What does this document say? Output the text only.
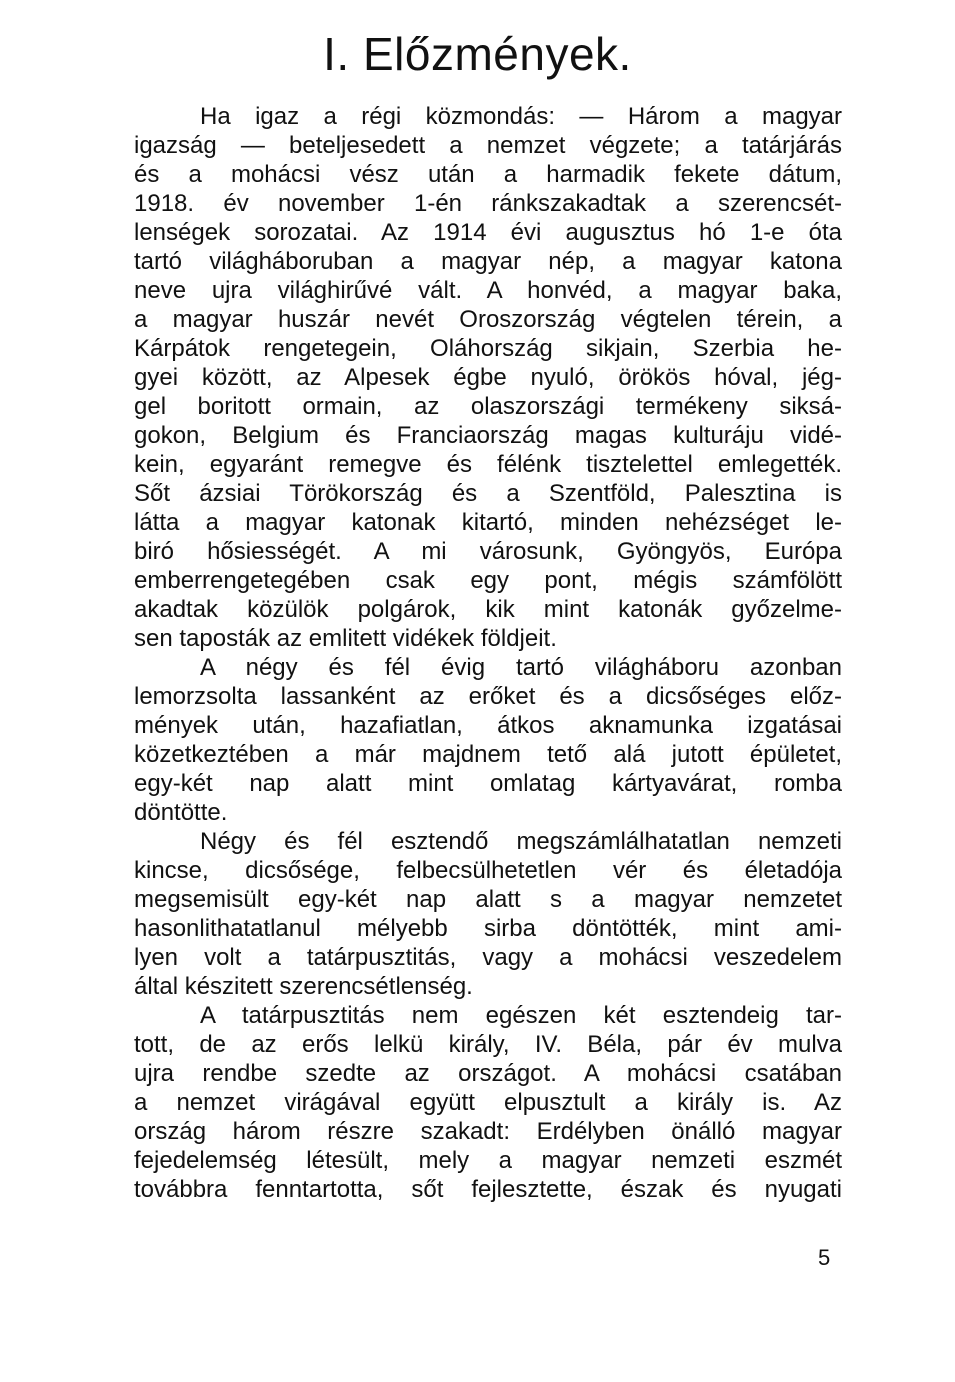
I. Előzmények.
Ha igaz a régi közmondás: — Három a magyar
igazság — beteljesedett a nemzet végzete; a tatárjárás
és a mohácsi vész után a harmadik fekete dátum,
1918. év november 1-én ránkszakadtak a szerencsét-
lenségek sorozatai. Az 1914 évi augusztus hó 1-e óta
tartó világháboruban a magyar nép, a magyar katona
neve ujra világhirűvé vált. A honvéd, a magyar baka,
a magyar huszár nevét Oroszország végtelen térein, a
Kárpátok rengetegein, Oláhország sikjain, Szerbia he-
gyei között, az Alpesek égbe nyuló, örökös hóval, jég-
gel boritott ormain, az olaszországi termékeny siksá-
gokon, Belgium és Franciaország magas kulturáju vidé-
kein, egyaránt remegve és félénk tisztelettel emlegették.
Sőt ázsiai Törökország és a Szentföld, Palesztina is
látta a magyar katonak kitartó, minden nehézséget le-
biró hősiességét. A mi városunk, Gyöngyös, Európa
emberrengetegében csak egy pont, mégis számfölött
akadtak közülök polgárok, kik mint katonák győzelme-
sen taposták az emlitett vidékek földjeit.
A négy és fél évig tartó világháboru azonban
lemorzsolta lassanként az erőket és a dicsőséges előz-
mények után, hazafiatlan, átkos aknamunka izgatásai
közetkeztében a már majdnem tető alá jutott épületet,
egy-két nap alatt mint omlatag kártyavárat, romba
döntötte.
Négy és fél esztendő megszámlálhatatlan nemzeti
kincse, dicsősége, felbecsülhetetlen vér és életadója
megsemisült egy-két nap alatt s a magyar nemzetet
hasonlithatatlanul mélyebb sirba döntötték, mint ami-
lyen volt a tatárpusztitás, vagy a mohácsi veszedelem
által készitett szerencsétlenség.
A tatárpusztitás nem egészen két esztendeig tar-
tott, de az erős lelkü király, IV. Béla, pár év mulva
ujra rendbe szedte az országot. A mohácsi csatában
a nemzet virágával együtt elpusztult a király is. Az
ország három részre szakadt: Erdélyben önálló magyar
fejedelemség létesült, mely a magyar nemzeti eszmét
továbbra fenntartotta, sőt fejlesztette, észak és nyugati
5
